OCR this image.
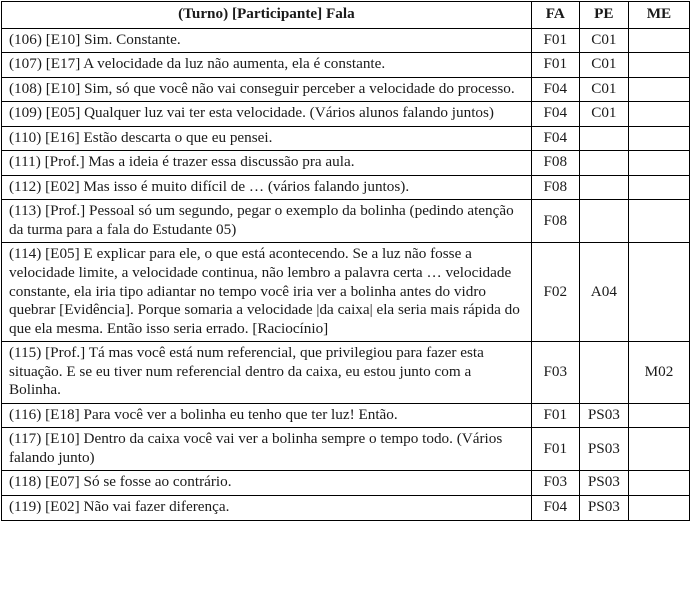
(Turno) [Participante] Fala	FA	PE	ME
(106) [E10] Sim. Constante.	F01	C01	
(107) [E17] A velocidade da luz não aumenta, ela é constante.	F01	C01	
(108) [E10] Sim, só que você não vai conseguir perceber a velocidade do processo.	F04	C01	
(109) [E05] Qualquer luz vai ter esta velocidade. (Vários alunos falando juntos)	F04	C01	
(110) [E16] Estão descarta o que eu pensei.	F04		
(111) [Prof.] Mas a ideia é trazer essa discussão pra aula.	F08		
(112) [E02] Mas isso é muito difícil de … (vários falando juntos).	F08		
(113) [Prof.] Pessoal só um segundo, pegar o exemplo da bolinha (pedindo atenção da turma para a fala do Estudante 05)	F08		
(114) [E05] E explicar para ele, o que está acontecendo. Se a luz não fosse a velocidade limite, a velocidade continua, não lembro a palavra certa … velocidade constante, ela iria tipo adiantar no tempo você iria ver a bolinha antes do vidro quebrar [Evidência]. Porque somaria a velocidade |da caixa| ela seria mais rápida do que ela mesma. Então isso seria errado. [Raciocínio]	F02	A04	
(115) [Prof.] Tá mas você está num referencial, que privilegiou para fazer esta situação. E se eu tiver num referencial dentro da caixa, eu estou junto com a Bolinha.	F03		M02
(116) [E18] Para você ver a bolinha eu tenho que ter luz! Então.	F01	PS03	
(117) [E10] Dentro da caixa você vai ver a bolinha sempre o tempo todo. (Vários falando junto)	F01	PS03	
(118) [E07] Só se fosse ao contrário.	F03	PS03	
(119) [E02] Não vai fazer diferença.	F04	PS03	
